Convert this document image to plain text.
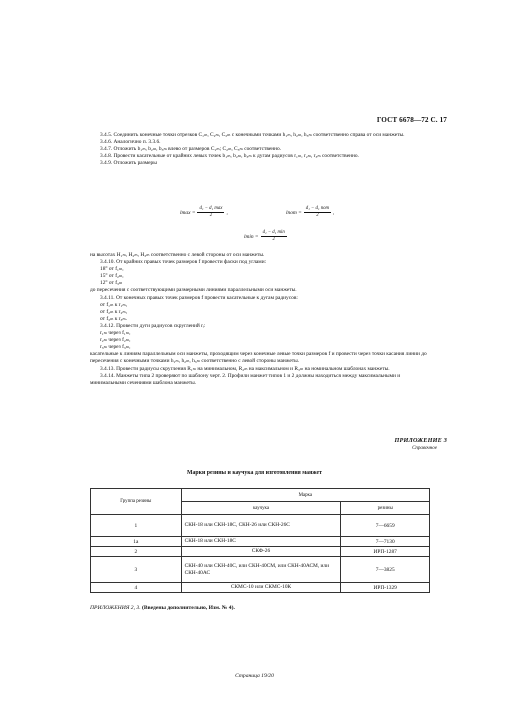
ГОСТ 6678—72 С. 17

3.4.5. Соединить конечные точки отрезков C₁ₘ, C₂ₘ, C₃ₘ с конечными точками h₁ₘ, h₂ₘ, h₃ₘ соответственно справа от оси манжеты.

3.4.6. Аналогично п. 3.3.6.

3.4.7. Отложить b₁ₘ, b₂ₘ, b₃ₘ влево от размеров C₁ₘ; C₂ₘ, C₃ₘ соответственно.

3.4.8. Провести касательные от крайних левых точек b₁ₘ, b₂ₘ, b₃ₘ к дугам радиусов r₁ₘ, r₂ₘ, r₃ₘ соответственно.

3.4.9. Отложить размеры

$lmax = \frac{\text{d₁ − d₁ max}}{2}$ ,	lnom = $\frac{\text{d₁ − d₁ nom}}{2}$ ,
$lmin = \frac{\text{d₁ − d₁ min}}{2}$

на высотах H₁ₘ, H₂ₘ, H₃ₘ соответственно с левой стороны от оси манжеты.

3.4.10. От крайних правых точек размеров f провести фаски под углами:

18° от f₁ₘ,

15° от f₂ₘ,

12° от f₃ₘ

до пересечения с соответствующими размерными линиями параллельными оси манжеты.

3.4.11. От конечных правых точек размеров f провести касательные к дугам радиусов:

от f₁ₘ к r₁ₘ,

от f₂ₘ к r₂ₘ,

от f₃ₘ к r₃ₘ.

3.4.12. Провести дуги радиусов скруглений rᵢ:

r₁ₘ через f₁ₘ,

r₂ₘ через f₂ₘ,

r₃ₘ через f₃ₘ,

касательные к линиям параллельным оси манжеты, проходящим через конечные левые точки размеров f и провести через точки касания линии до пересечения с конечными точками h₁ₘ, h₂ₘ, h₃ₘ соответственно с левой стороны манжеты.

3.4.13. Провести радиусы скругления R₁ₘ на минимальном, R₂ₘ на максимальном и R₃ₘ на номинальном шаблонах манжеты.

3.4.14. Манжеты типа 2 проверяют по шаблону черт. 2. Профили манжет типов 1 и 2 должны находиться между максимальными и минимальными сечениями шаблона манжеты.

ПРИЛОЖЕНИЕ 3
Справочное
Марки резины и каучука для изготовления манжет
Группа резины	Марка	
	каучука	резины
1	СКН-18 или СКН-18С, СКН-26 или СКН-26С	7—6659
1а	СКН-18 или СКН-18С	7—7130
2	СКФ-26	ИРП-1287
3	СКН-40 или СКН-40С, или СКН-40СМ, или СКН-40АСМ, или СКН-40АС	7—3825
4	СКМС-10 или СКМС-10К	ИРП-1329
ПРИЛОЖЕНИЯ 2, 3. (Введены дополнительно, Изм. № 4).
Страница 19/20
